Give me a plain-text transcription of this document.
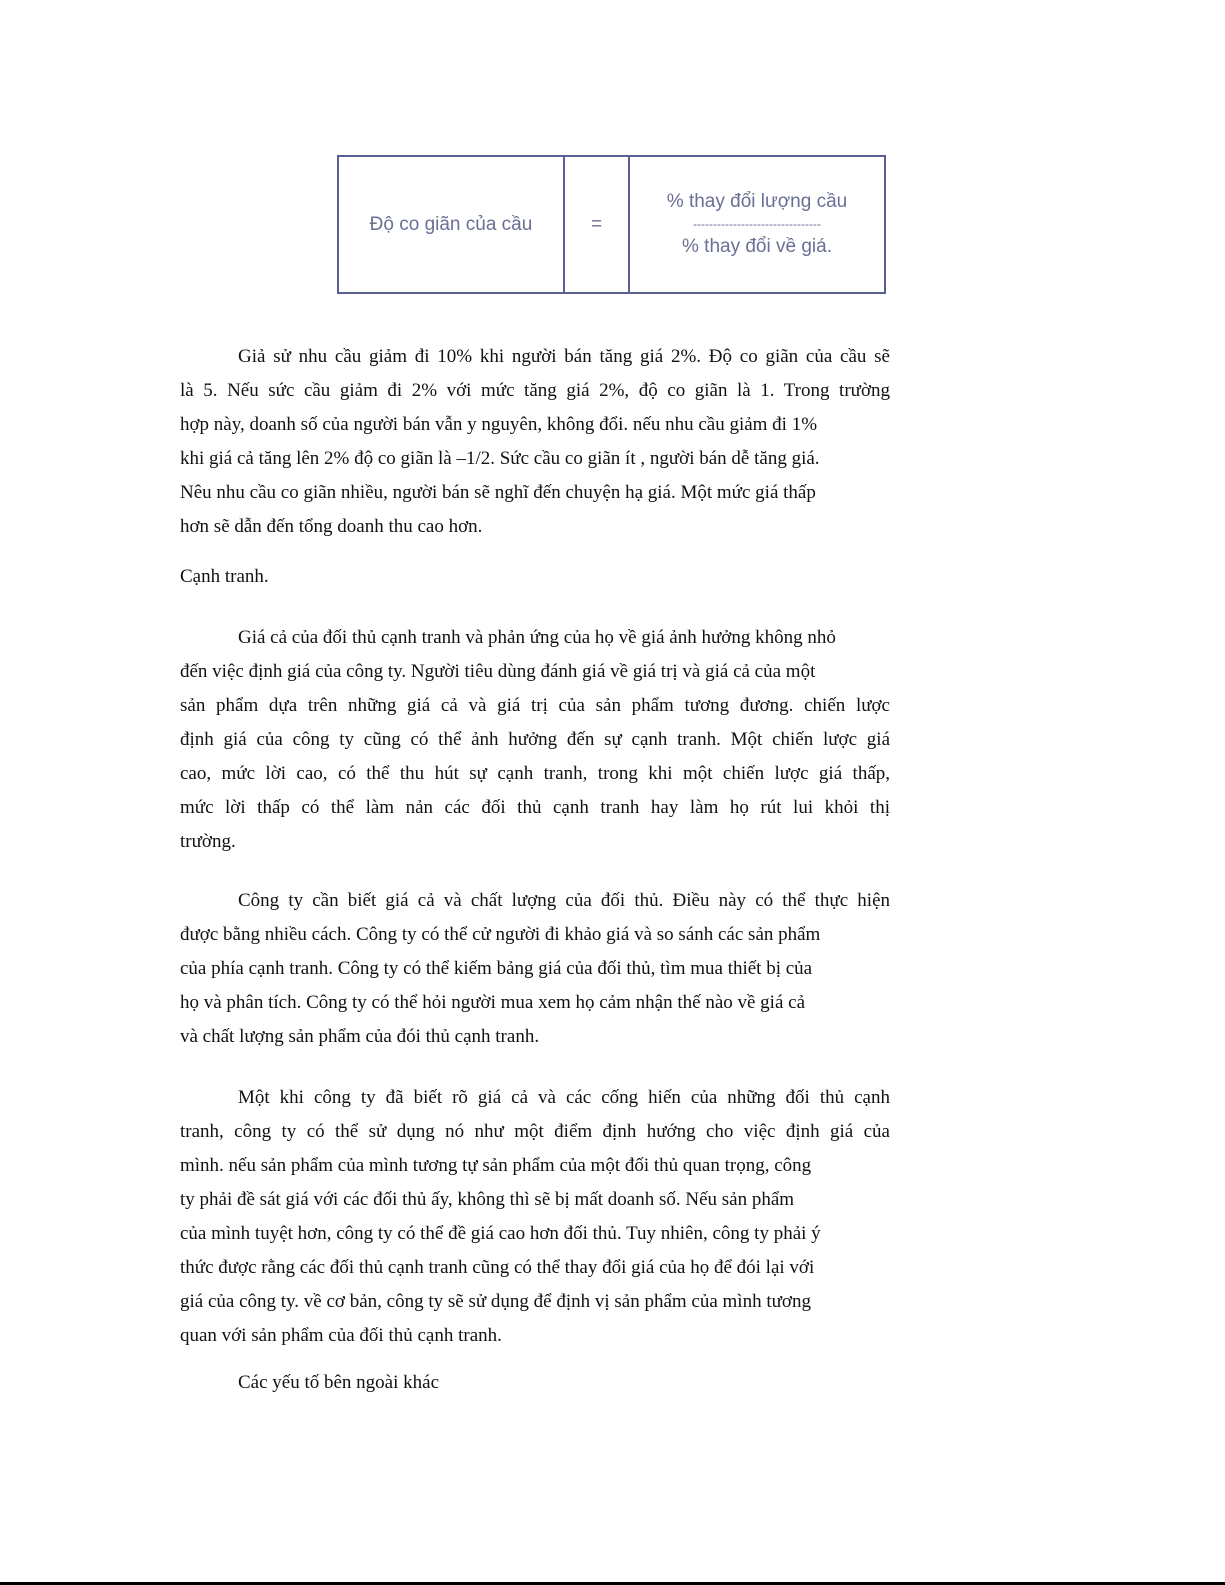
Độ co giãn của cầu	=
% thay đổi lượng cầu
--------------------------------
% thay đổi về giá.
Giả sử nhu cầu giảm đi 10% khi người bán tăng giá 2%. Độ co giãn của cầu sẽ
là 5. Nếu sức cầu giảm đi 2% với mức tăng giá 2%, độ co giãn là 1. Trong trường
hợp này, doanh số của người bán vẫn y nguyên, không đổi. nếu nhu cầu giảm đi 1%
khi giá cả tăng lên 2% độ co giãn là –1/2. Sức cầu co giãn ít , người bán dễ tăng giá.
Nêu nhu cầu co giãn nhiều, người bán sẽ nghĩ đến chuyện hạ giá. Một mức giá thấp
hơn sẽ dẫn đến tổng doanh thu cao hơn.
Cạnh tranh.
Giá cả của đối thủ cạnh tranh và phản ứng của họ về giá ảnh hưởng không nhỏ
đến việc định giá của công ty. Người tiêu dùng đánh giá về giá trị và giá cả của một
sản phẩm dựa trên những giá cả và giá trị của sản phẩm tương đương. chiến lược
định giá của công ty cũng có thể ảnh hưởng đến sự cạnh tranh. Một chiến lược giá
cao, mức lời cao, có thể thu hút sự cạnh tranh, trong khi một chiến lược giá thấp,
mức lời thấp có thể làm nản các đối thủ cạnh tranh hay làm họ rút lui khỏi thị
trường.
Công ty cần biết giá cả và chất lượng của đối thủ. Điều này có thể thực hiện
được bằng nhiều cách. Công ty có thể cử người đi khảo giá và so sánh các sản phẩm
của phía cạnh tranh. Công ty có thể kiếm bảng giá của đối thủ, tìm mua thiết bị của
họ và phân tích. Công ty có thể hỏi người mua xem họ cảm nhận thế nào về giá cả
và chất lượng sản phẩm của đói thủ cạnh tranh.
Một khi công ty đã biết rõ giá cả và các cống hiến của những đối thủ cạnh
tranh, công ty có thể sử dụng nó như một điểm định hướng cho việc định giá của
mình. nếu sản phẩm của mình tương tự sản phẩm của một đối thủ quan trọng, công
ty phải đề sát giá với các đối thủ ấy, không thì sẽ bị mất doanh số. Nếu sản phẩm
của mình tuyệt hơn, công ty có thể đề giá cao hơn đối thủ. Tuy nhiên, công ty phải ý
thức được rằng các đối thủ cạnh tranh cũng có thể thay đổi giá của họ để đói lại với
giá của công ty. về cơ bản, công ty sẽ sử dụng để định vị sản phẩm của mình tương
quan với sản phẩm của đối thủ cạnh tranh.
Các yếu tố bên ngoài khác
